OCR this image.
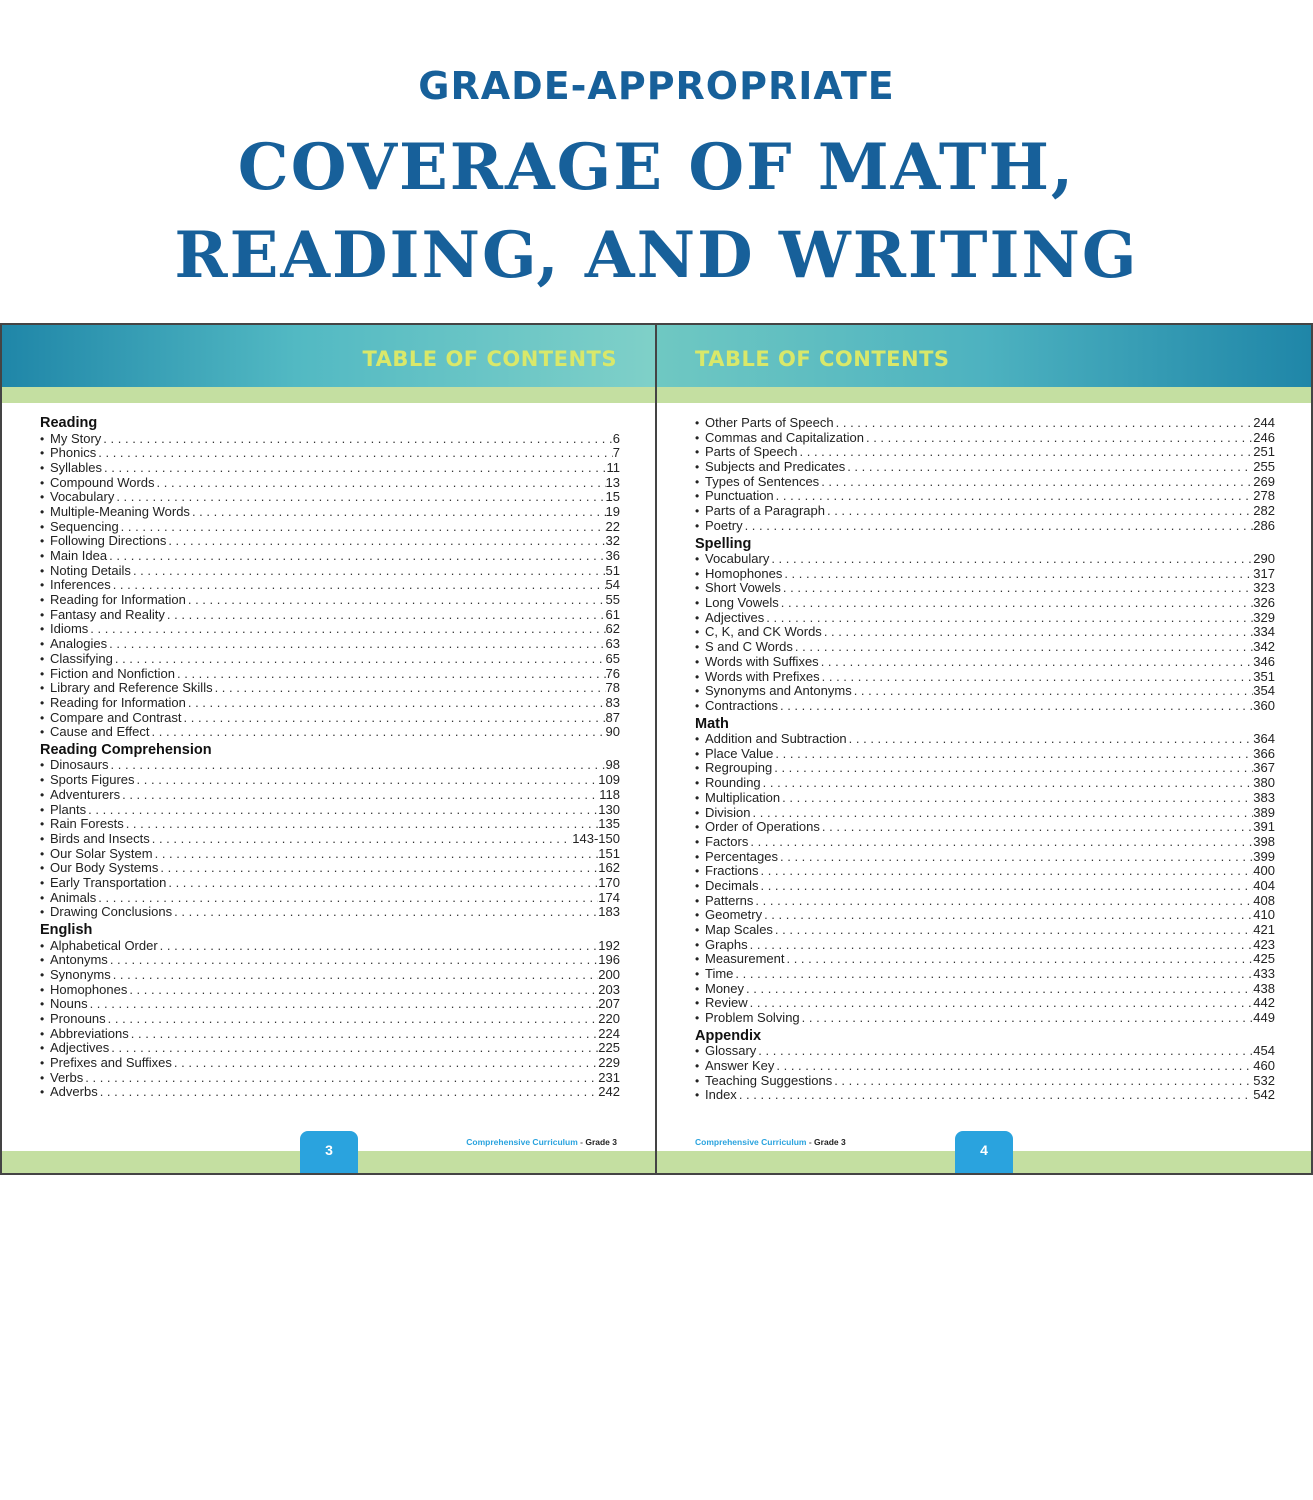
GRADE-APPROPRIATE
COVERAGE OF MATH,
READING, AND WRITING
TABLE OF CONTENTS
Reading
• My Story . . .	6
• Phonics . . .	7
• Syllables . . .	11
• Compound Words . . .	13
• Vocabulary . . .	15
• Multiple-Meaning Words . . .	19
• Sequencing . . .	22
• Following Directions . . .	32
• Main Idea . . .	36
• Noting Details . . .	51
• Inferences . . .	54
• Reading for Information . . .	55
• Fantasy and Reality . . .	61
• Idioms . . .	62
• Analogies . . .	63
• Classifying . . .	65
• Fiction and Nonfiction . . .	76
• Library and Reference Skills . . .	78
• Reading for Information . . .	83
• Compare and Contrast . . .	87
• Cause and Effect . . .	90
Reading Comprehension
• Dinosaurs . . .	98
• Sports Figures . . .	109
• Adventurers . . .	118
• Plants . . .	130
• Rain Forests . . .	135
• Birds and Insects . . .	143-150
• Our Solar System . . .	151
• Our Body Systems . . .	162
• Early Transportation . . .	170
• Animals . . .	174
• Drawing Conclusions . . .	183
English
• Alphabetical Order . . .	192
• Antonyms . . .	196
• Synonyms . . .	200
• Homophones . . .	203
• Nouns . . .	207
• Pronouns . . .	220
• Abbreviations . . .	224
• Adjectives . . .	225
• Prefixes and Suffixes . . .	229
• Verbs . . .	231
• Adverbs . . .	242
3	Comprehensive Curriculum - Grade 3
TABLE OF CONTENTS
• Other Parts of Speech . . .	244
• Commas and Capitalization . . .	246
• Parts of Speech . . .	251
• Subjects and Predicates . . .	255
• Types of Sentences . . .	269
• Punctuation . . .	278
• Parts of a Paragraph . . .	282
• Poetry . . .	286
Spelling
• Vocabulary . . .	290
• Homophones . . .	317
• Short Vowels . . .	323
• Long Vowels . . .	326
• Adjectives . . .	329
• C, K, and CK Words . . .	334
• S and C Words . . .	342
• Words with Suffixes . . .	346
• Words with Prefixes . . .	351
• Synonyms and Antonyms . . .	354
• Contractions . . .	360
Math
• Addition and Subtraction . . .	364
• Place Value . . .	366
• Regrouping . . .	367
• Rounding . . .	380
• Multiplication . . .	383
• Division . . .	389
• Order of Operations . . .	391
• Factors . . .	398
• Percentages . . .	399
• Fractions . . .	400
• Decimals . . .	404
• Patterns . . .	408
• Geometry . . .	410
• Map Scales . . .	421
• Graphs . . .	423
• Measurement . . .	425
• Time . . .	433
• Money . . .	438
• Review . . .	442
• Problem Solving . . .	449
Appendix
• Glossary . . .	454
• Answer Key . . .	460
• Teaching Suggestions . . .	532
• Index . . .	542
4
Comprehensive Curriculum - Grade 3
